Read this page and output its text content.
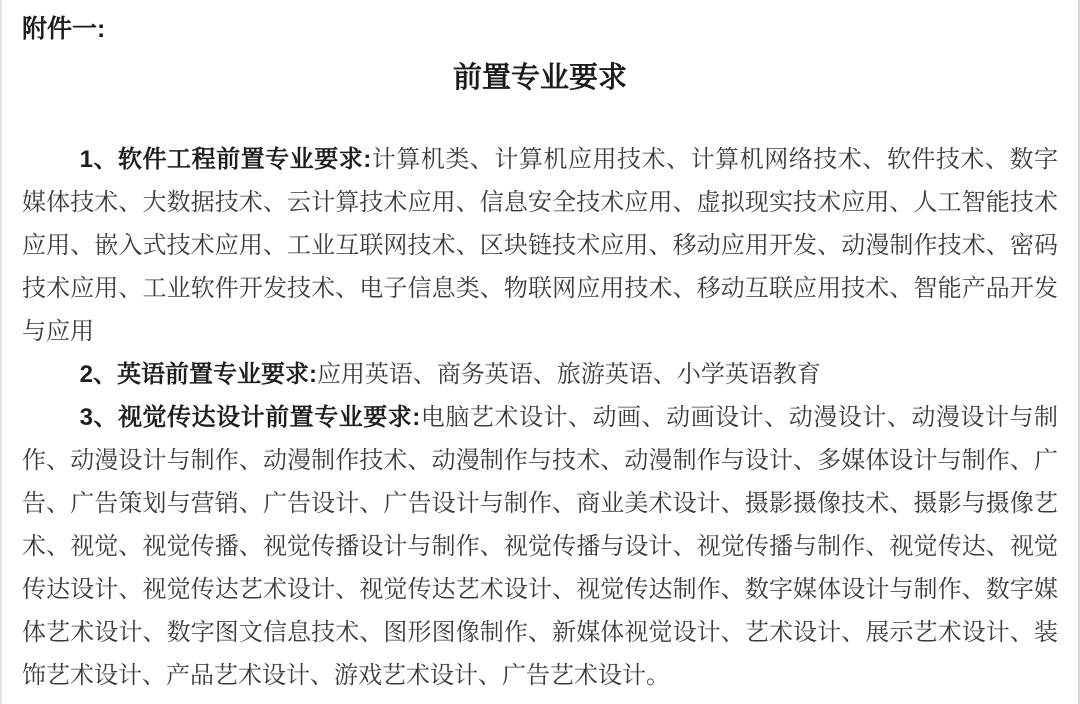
附件一:
前置专业要求

1、软件工程前置专业要求:计算机类、计算机应用技术、计算机网络技术、软件技术、数字媒体技术、大数据技术、云计算技术应用、信息安全技术应用、虚拟现实技术应用、人工智能技术应用、嵌入式技术应用、工业互联网技术、区块链技术应用、移动应用开发、动漫制作技术、密码技术应用、工业软件开发技术、电子信息类、物联网应用技术、移动互联应用技术、智能产品开发与应用

2、英语前置专业要求:应用英语、商务英语、旅游英语、小学英语教育

3、视觉传达设计前置专业要求:电脑艺术设计、动画、动画设计、动漫设计、动漫设计与制作、动漫设计与制作、动漫制作技术、动漫制作与技术、动漫制作与设计、多媒体设计与制作、广告、广告策划与营销、广告设计、广告设计与制作、商业美术设计、摄影摄像技术、摄影与摄像艺术、视觉、视觉传播、视觉传播设计与制作、视觉传播与设计、视觉传播与制作、视觉传达、视觉传达设计、视觉传达艺术设计、视觉传达艺术设计、视觉传达制作、数字媒体设计与制作、数字媒体艺术设计、数字图文信息技术、图形图像制作、新媒体视觉设计、艺术设计、展示艺术设计、装饰艺术设计、产品艺术设计、游戏艺术设计、广告艺术设计。
